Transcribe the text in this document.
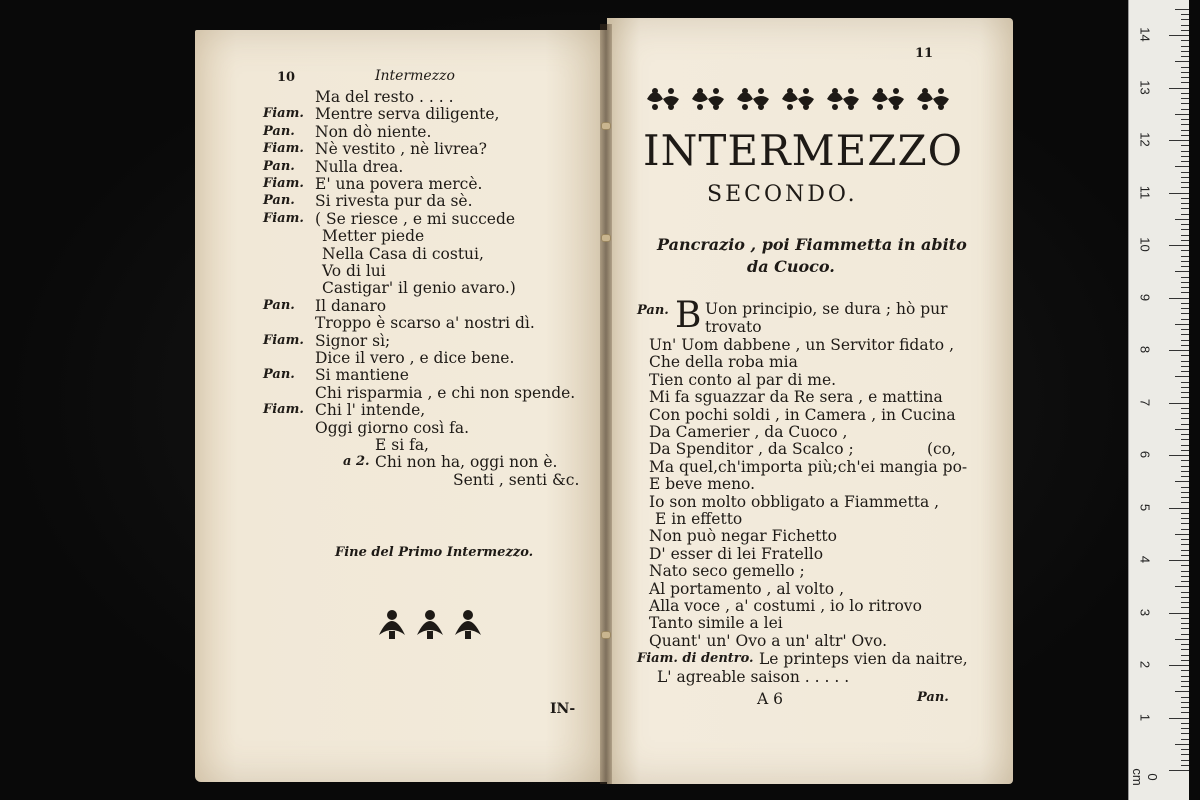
10	Intermezzo
Ma del resto . . . .
Fiam. Mentre serva diligente,
Pan. Non dò niente.
Fiam. Nè vestito , nè livrea?
Pan. Nulla drea.
Fiam. E' una povera mercè.
Pan. Si rivesta pur da sè.
Fiam. ( Se riesce , e mi succede
Metter piede
Nella Casa di costui,
Vo di lui
Castigar' il genio avaro.)
Pan. Il danaro
Troppo è scarso a' nostri dì.
Fiam. Signor sì;
Dice il vero , e dice bene.
Pan. Si mantiene
Chi risparmia , e chi non spende.
Fiam. Chi l' intende,
Oggi giorno così fa.
E si fa,
a 2. Chi non ha, oggi non è.
Senti , senti &c.
Fine del Primo Intermezzo.
IN-
11
INTERMEZZO
SECONDO.
Pancrazio , poi Fiammetta in abito
da Cuoco.
Pan. B Uon principio, se dura ; hò pur
trovato
Un' Uom dabbene , un Servitor fidato ,
Che della roba mia
Tien conto al par di me.
Mi fa sguazzar da Re sera , e mattina
Con pochi soldi , in Camera , in Cucina
Da Camerier , da Cuoco ,
Da Spenditor , da Scalco ;
Ma quel,ch'importa più;ch'ei mangia po-
E beve meno.
Io son molto obbligato a Fiammetta ,
E in effetto
Non può negar Fichetto
D' esser di lei Fratello
Nato seco gemello ;
Al portamento , al volto ,
Alla voce , a' costumi , io lo ritrovo
Tanto simile a lei
Quant' un' Ovo a un' altr' Ovo.
(co,
Fiam. di dentro. Le printeps vien da naitre,
L' agreable saison . . . . .
A 6	Pan.
0 cm
1
2
3
4
5
6
7
8
9
10
11
12
13
14
